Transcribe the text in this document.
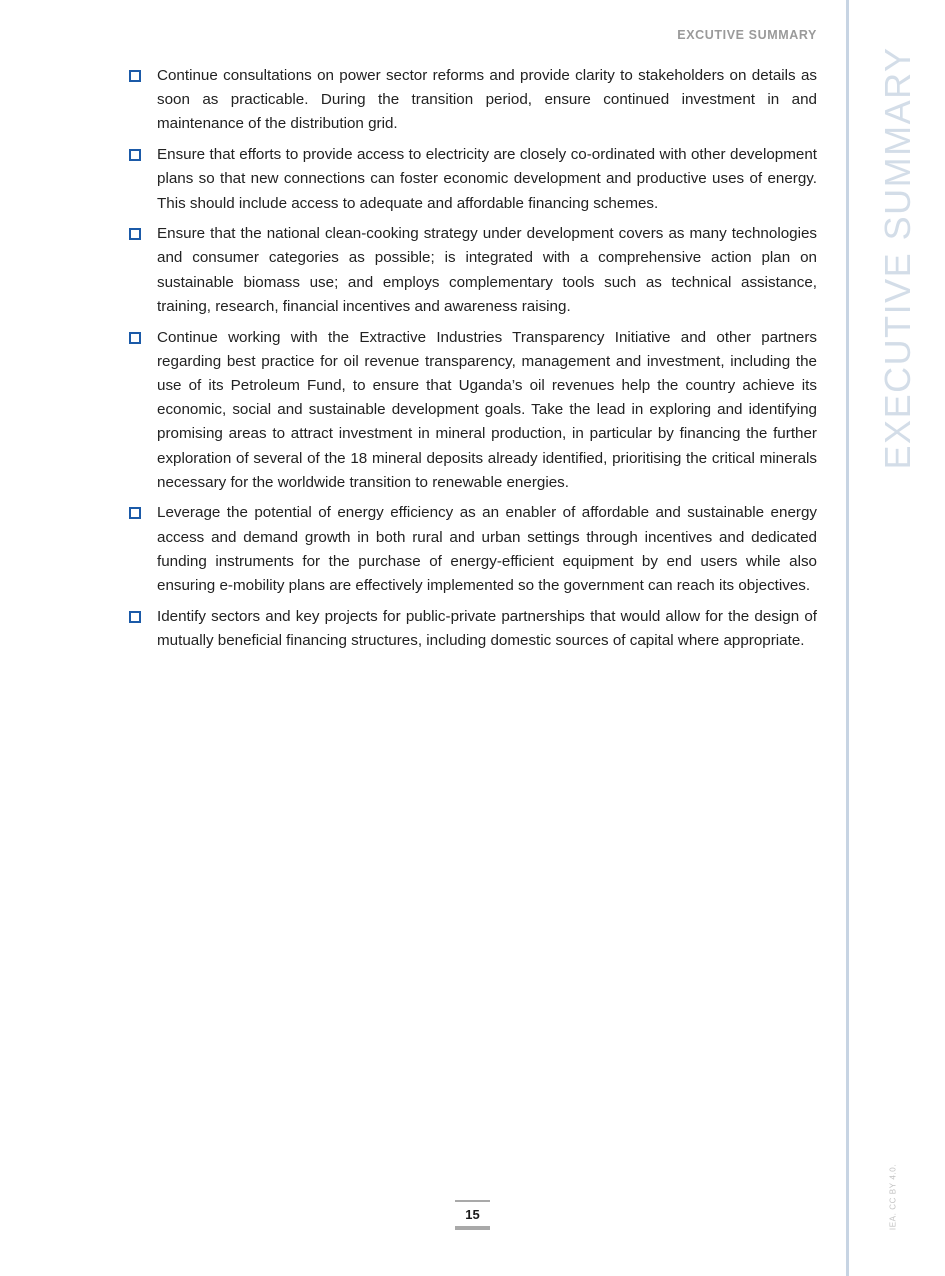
EXCUTIVE SUMMARY
EXECUTIVE SUMMARY
IEA. CC BY 4.0.
Continue consultations on power sector reforms and provide clarity to stakeholders on details as soon as practicable. During the transition period, ensure continued investment in and maintenance of the distribution grid.
Ensure that efforts to provide access to electricity are closely co-ordinated with other development plans so that new connections can foster economic development and productive uses of energy. This should include access to adequate and affordable financing schemes.
Ensure that the national clean-cooking strategy under development covers as many technologies and consumer categories as possible; is integrated with a comprehensive action plan on sustainable biomass use; and employs complementary tools such as technical assistance, training, research, financial incentives and awareness raising.
Continue working with the Extractive Industries Transparency Initiative and other partners regarding best practice for oil revenue transparency, management and investment, including the use of its Petroleum Fund, to ensure that Uganda’s oil revenues help the country achieve its economic, social and sustainable development goals. Take the lead in exploring and identifying promising areas to attract investment in mineral production, in particular by financing the further exploration of several of the 18 mineral deposits already identified, prioritising the critical minerals necessary for the worldwide transition to renewable energies.
Leverage the potential of energy efficiency as an enabler of affordable and sustainable energy access and demand growth in both rural and urban settings through incentives and dedicated funding instruments for the purchase of energy-efficient equipment by end users while also ensuring e-mobility plans are effectively implemented so the government can reach its objectives.
Identify sectors and key projects for public-private partnerships that would allow for the design of mutually beneficial financing structures, including domestic sources of capital where appropriate.
15
